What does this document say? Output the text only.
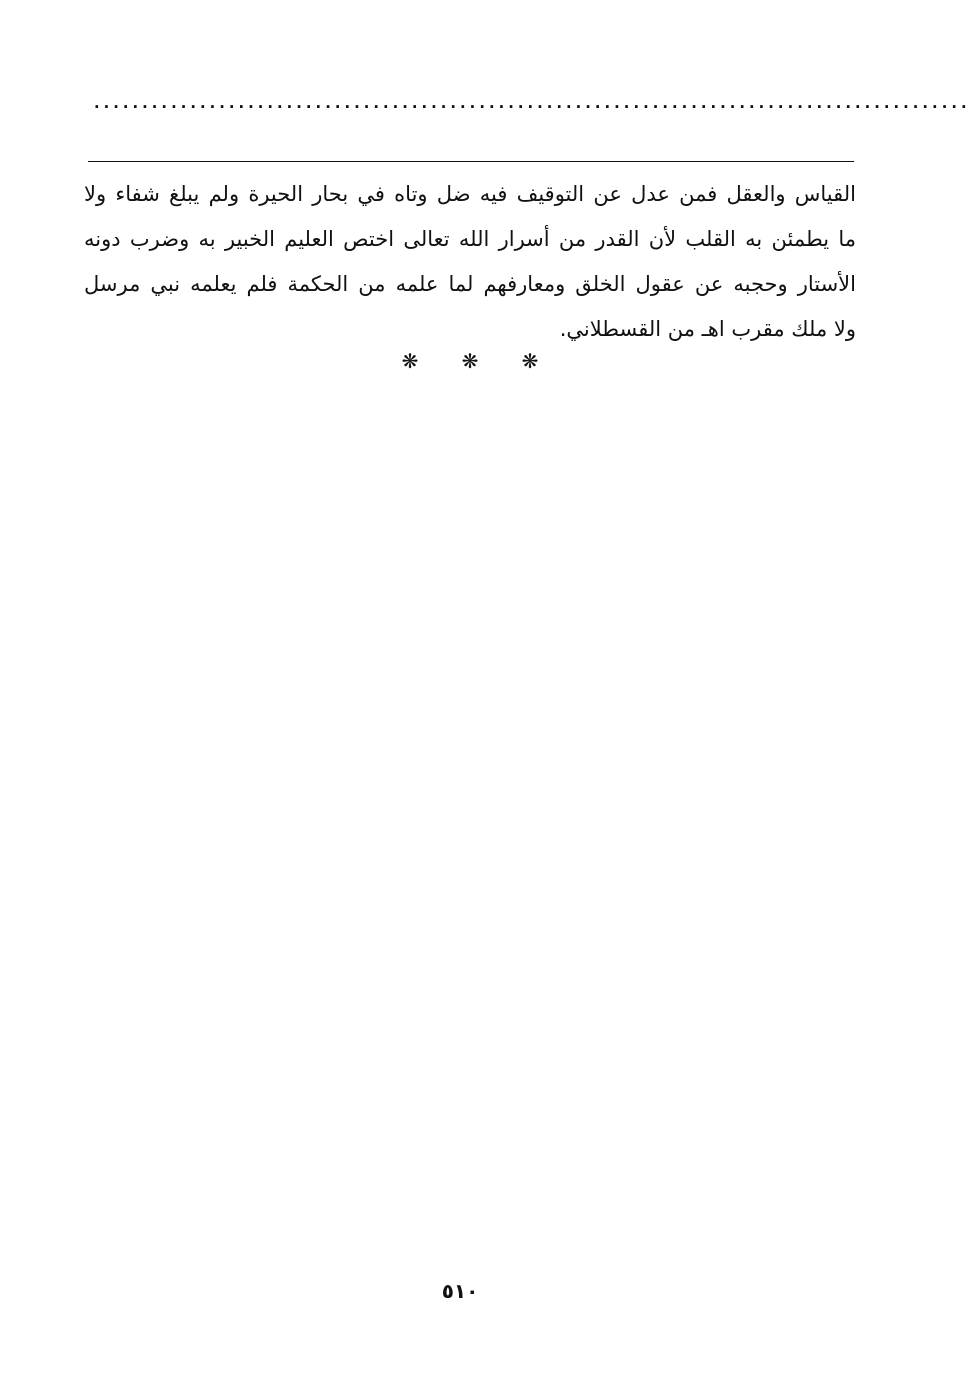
...........................................................................................
القياس والعقل فمن عدل عن التوقيف فيه ضل وتاه في بحار الحيرة ولم يبلغ شفاء ولا
ما يطمئن به القلب لأن القدر من أسرار الله تعالى اختص العليم الخبير به وضرب دونه
الأستار وحجبه عن عقول الخلق ومعارفهم لما علمه من الحكمة فلم يعلمه نبي مرسل
ولا ملك مقرب اهـ من القسطلاني.
❋ ❋ ❋
٥١٠
